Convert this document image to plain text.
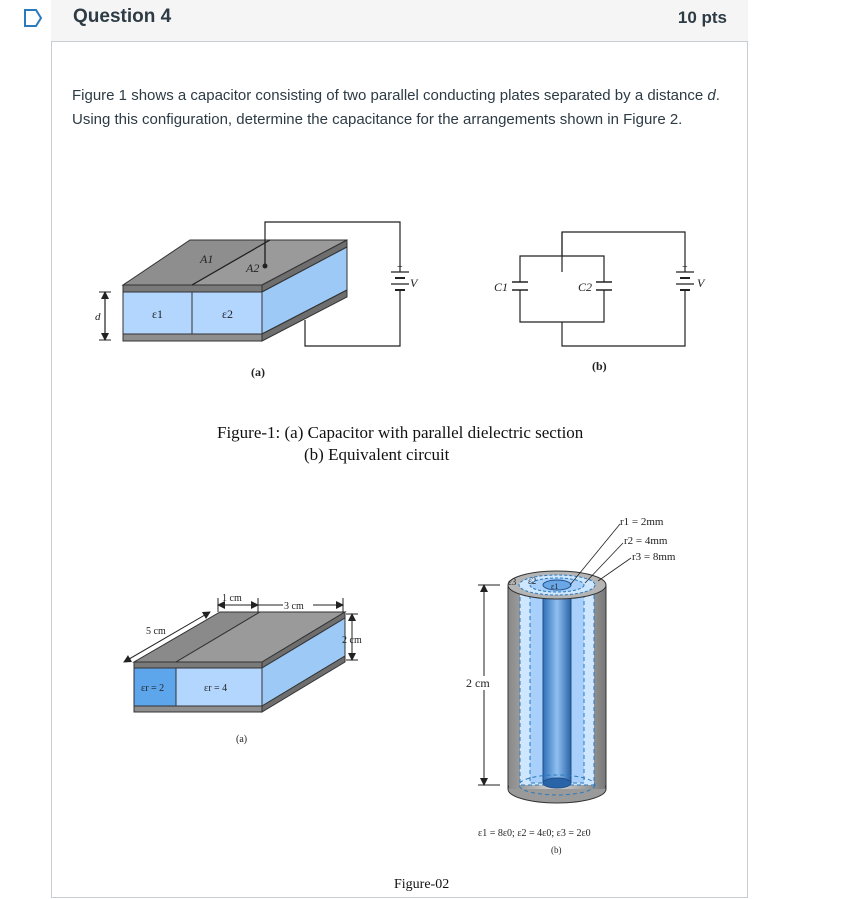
Question 4	10 pts
Figure 1 shows a capacitor consisting of two parallel conducting plates separated by a distance d. Using this configuration, determine the capacitance for the arrangements shown in Figure 2.
+
V
d
A1
A2
ε1	ε2
(a)
+
V
C1	C2
(b)
Figure-1: (a) Capacitor with parallel dielectric section
(b) Equivalent circuit
1 cm
3 cm
5 cm
2 cm
εr = 2	εr = 4
(a)
ε3 ε2
ε1
r1 = 2mm
r2 = 4mm
r3 = 8mm
2 cm
ε1 = 8ε0; ε2 = 4ε0; ε3 = 2ε0
(b)
Figure-02
